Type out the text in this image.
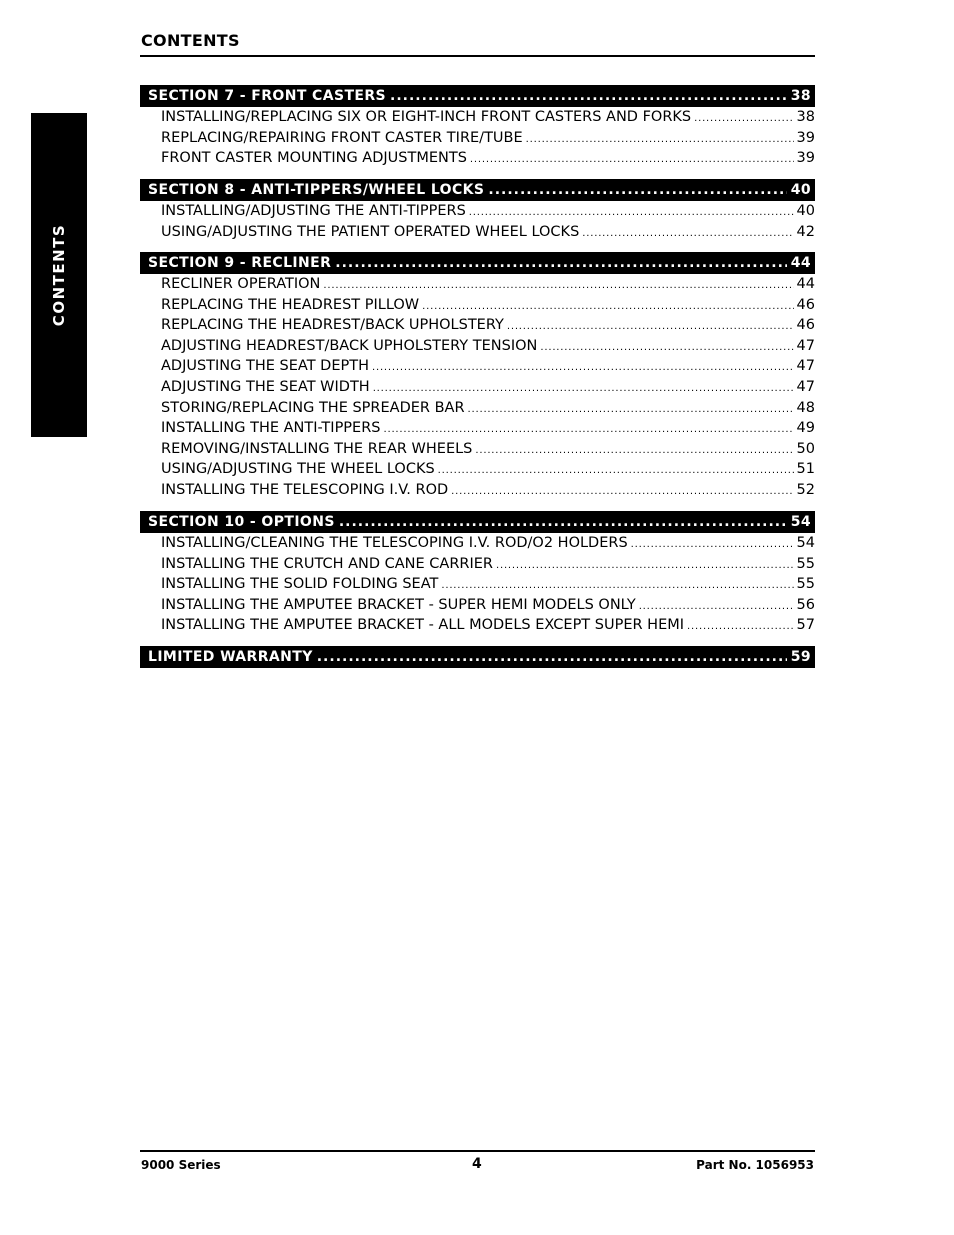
CONTENTS
CONTENTS
SECTION 7 - FRONT CASTERS .....	38
INSTALLING/REPLACING SIX OR EIGHT-INCH FRONT CASTERS AND FORKS .....	38
REPLACING/REPAIRING FRONT CASTER TIRE/TUBE .....	39
FRONT CASTER MOUNTING ADJUSTMENTS .....	39
SECTION 8 - ANTI-TIPPERS/WHEEL LOCKS .....	40
INSTALLING/ADJUSTING THE ANTI-TIPPERS .....	40
USING/ADJUSTING THE PATIENT OPERATED WHEEL LOCKS .....	42
SECTION 9 - RECLINER .....	44
RECLINER OPERATION .....	44
REPLACING THE HEADREST PILLOW .....	46
REPLACING THE HEADREST/BACK UPHOLSTERY .....	46
ADJUSTING HEADREST/BACK UPHOLSTERY TENSION .....	47
ADJUSTING THE SEAT DEPTH .....	47
ADJUSTING THE SEAT WIDTH .....	47
STORING/REPLACING THE SPREADER BAR .....	48
INSTALLING THE ANTI-TIPPERS .....	49
REMOVING/INSTALLING THE REAR WHEELS .....	50
USING/ADJUSTING THE WHEEL LOCKS .....	51
INSTALLING THE TELESCOPING I.V. ROD .....	52
SECTION 10 - OPTIONS .....	54
INSTALLING/CLEANING THE TELESCOPING I.V. ROD/O2 HOLDERS .....	54
INSTALLING THE CRUTCH AND CANE CARRIER .....	55
INSTALLING THE SOLID FOLDING SEAT .....	55
INSTALLING THE AMPUTEE BRACKET - SUPER HEMI MODELS ONLY .....	56
INSTALLING THE AMPUTEE BRACKET - ALL MODELS EXCEPT SUPER HEMI .....	57
LIMITED WARRANTY .....	59
9000 Series	4	Part No. 1056953
